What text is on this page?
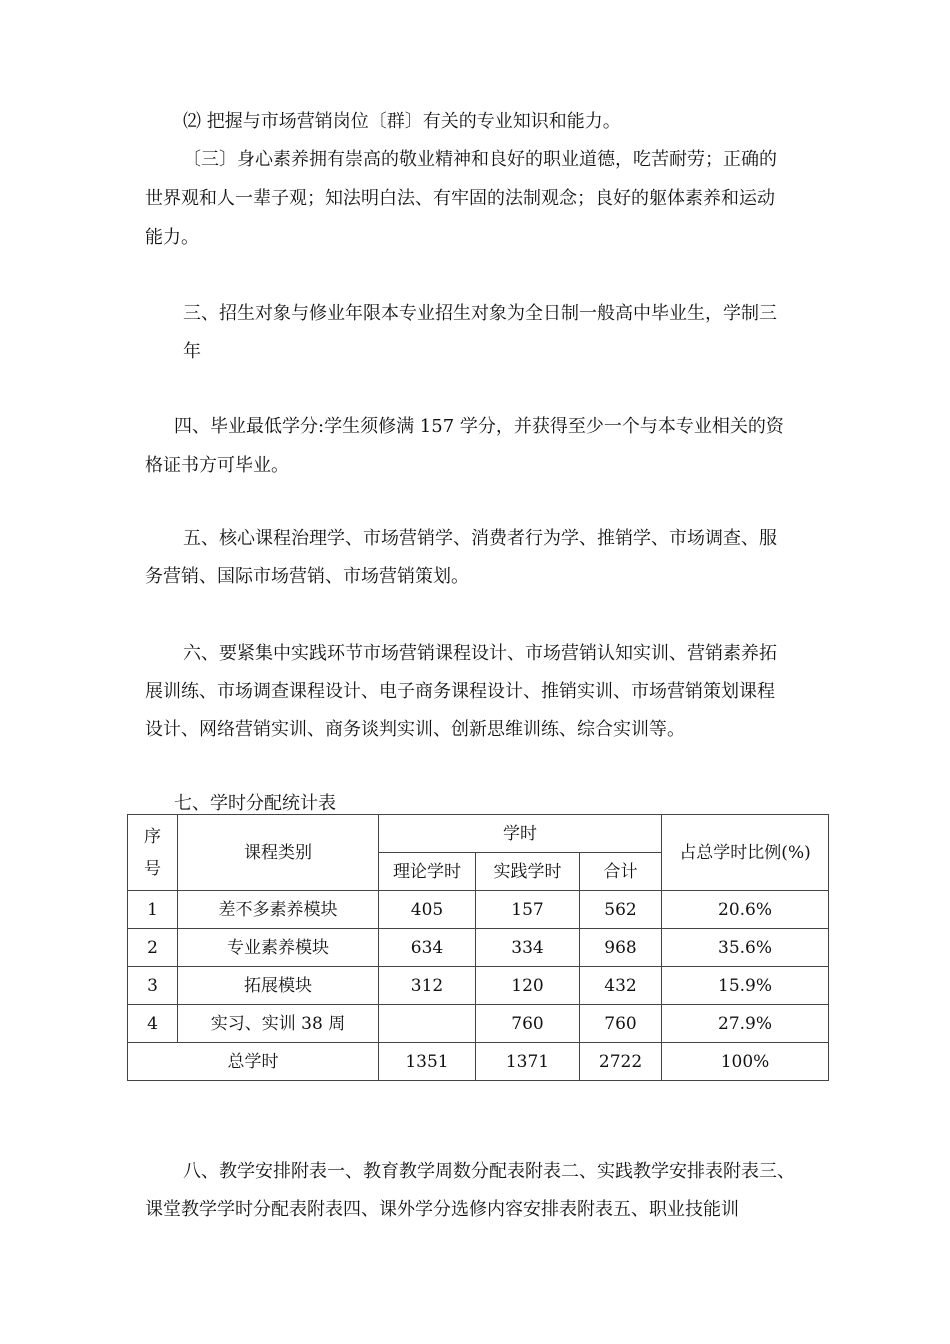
⑵ 把握与市场营销岗位〔群〕有关的专业知识和能力。
〔三〕身心素养拥有崇高的敬业精神和良好的职业道德，吃苦耐劳；正确的
世界观和人一辈子观；知法明白法、有牢固的法制观念；良好的躯体素养和运动
能力。
三、招生对象与修业年限本专业招生对象为全日制一般高中毕业生，学制三
年
四、毕业最低学分:学生须修满 157 学分，并获得至少一个与本专业相关的资
格证书方可毕业。
五、核心课程治理学、市场营销学、消费者行为学、推销学、市场调查、服
务营销、国际市场营销、市场营销策划。
六、要紧集中实践环节市场营销课程设计、市场营销认知实训、营销素养拓
展训练、市场调查课程设计、电子商务课程设计、推销实训、市场营销策划课程
设计、网络营销实训、商务谈判实训、创新思维训练、综合实训等。
七、学时分配统计表
序
号	课程类别	学时			占总学时比例(%)
		理论学时	实践学时	合计	
1	差不多素养模块	405	157	562	20.6%
2	专业素养模块	634	334	968	35.6%
3	拓展模块	312	120	432	15.9%
4	实习、实训 38 周		760	760	27.9%
总学时		1351	1371	2722	100%
八、教学安排附表一、教育教学周数分配表附表二、实践教学安排表附表三、
课堂教学学时分配表附表四、课外学分选修内容安排表附表五、职业技能训
